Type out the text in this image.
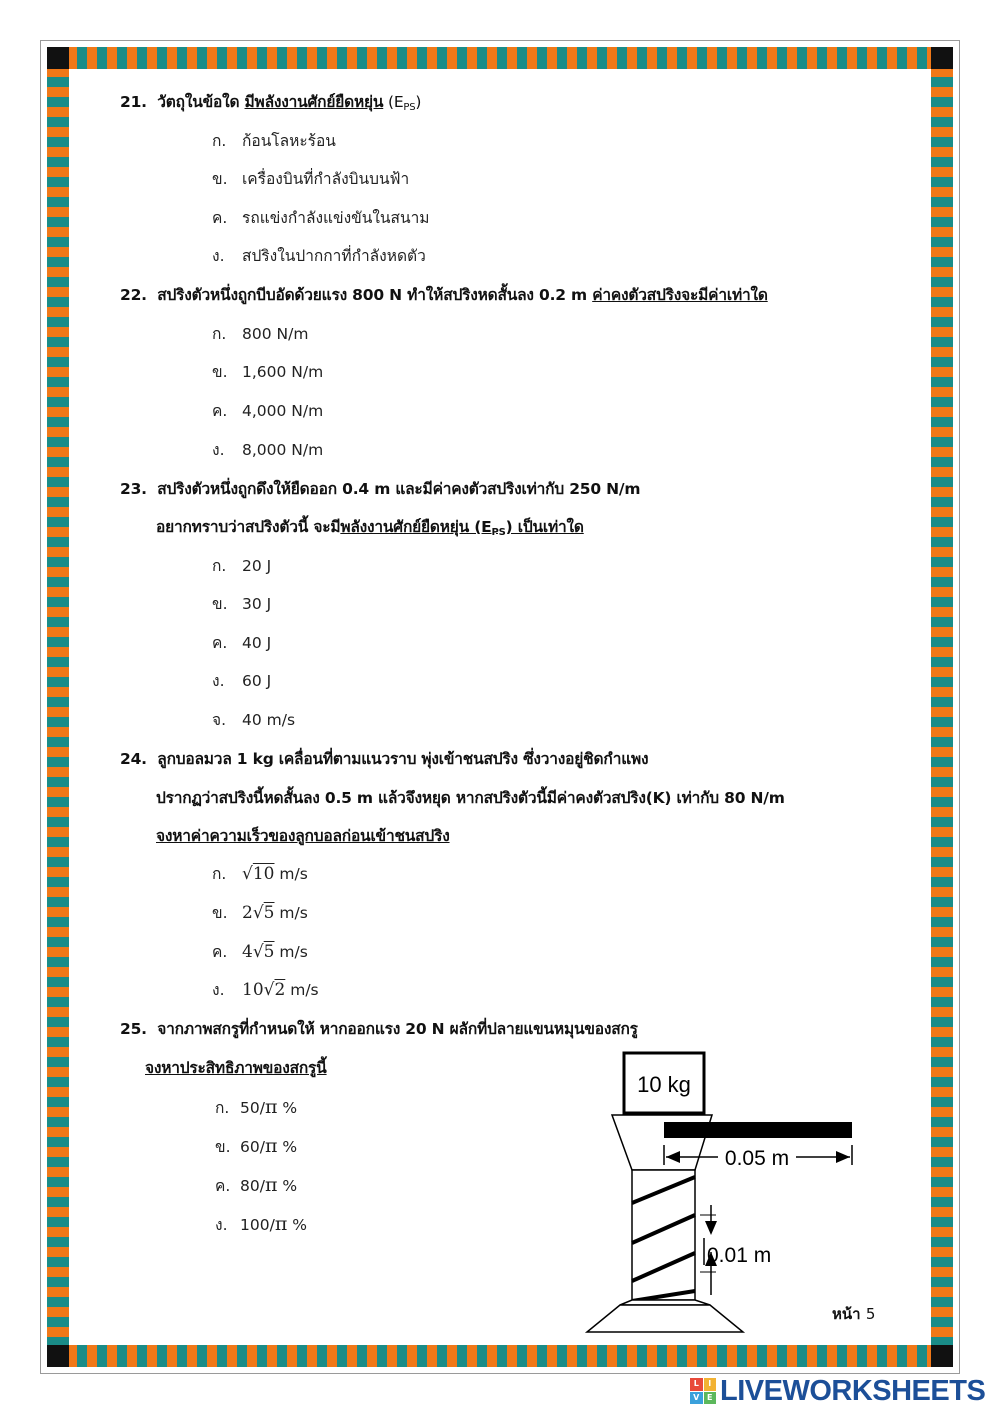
21. วัตถุในข้อใด มีพลังงานศักย์ยืดหยุ่น $(E_{PS})$
ก. ก้อนโลหะร้อน
ข. เครื่องบินที่กำลังบินบนฟ้า
ค. รถแข่งกำลังแข่งขันในสนาม
ง. สปริงในปากกาที่กำลังหดตัว
22. สปริงตัวหนึ่งถูกบีบอัดด้วยแรง 800 N ทำให้สปริงหดสั้นลง 0.2 m ค่าคงตัวสปริงจะมีค่าเท่าใด
ก. 800 N/m
ข. 1,600 N/m
ค. 4,000 N/m
ง. 8,000 N/m
23. สปริงตัวหนึ่งถูกดึงให้ยืดออก 0.4 m และมีค่าคงตัวสปริงเท่ากับ 250 N/m
อยากทราบว่าสปริงตัวนี้ จะมีพลังงานศักย์ยืดหยุ่น $(E_{PS})$ เป็นเท่าใด
ก. 20 J
ข. 30 J
ค. 40 J
ง. 60 J
จ. 40 m/s
24. ลูกบอลมวล 1 kg เคลื่อนที่ตามแนวราบ พุ่งเข้าชนสปริง ซึ่งวางอยู่ชิดกำแพง
ปรากฏว่าสปริงนี้หดสั้นลง 0.5 m แล้วจึงหยุด หากสปริงตัวนี้มีค่าคงตัวสปริง(K) เท่ากับ 80 N/m
จงหาค่าความเร็วของลูกบอลก่อนเข้าชนสปริง
ก. √10 m/s
ข. 2√5 m/s
ค. 4√5 m/s
ง. 10√2 m/s
25. จากภาพสกรูที่กำหนดให้ หากออกแรง 20 N ผลักที่ปลายแขนหมุนของสกรู
จงหาประสิทธิภาพของสกรูนี้
ก. 50/π %
ข. 60/π %
ค. 80/π %
ง. 100/π %
10 kg
0.05 m
0.01 m
หน้า 5
L	I
V E LIVEWORKSHEETS
